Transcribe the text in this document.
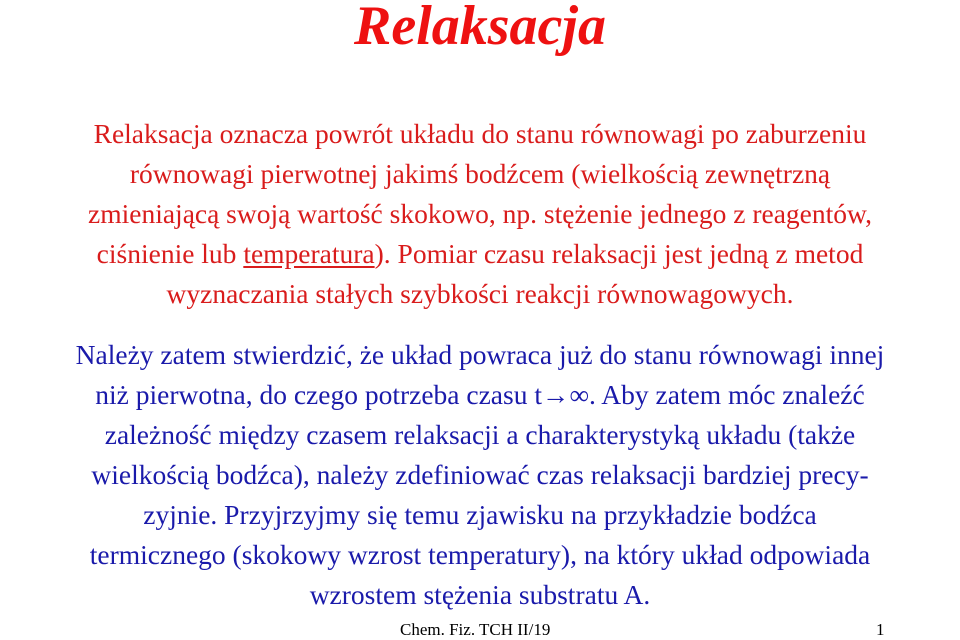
Relaksacja
Relaksacja oznacza powrót układu do stanu równowagi po zaburzeniu
równowagi pierwotnej jakimś bodźcem (wielkością zewnętrzną
zmieniającą swoją wartość skokowo, np. stężenie jednego z reagentów,
ciśnienie lub temperatura). Pomiar czasu relaksacji jest jedną z metod
wyznaczania stałych szybkości reakcji równowagowych.
Należy zatem stwierdzić, że układ powraca już do stanu równowagi innej
niż pierwotna, do czego potrzeba czasu t→∞. Aby zatem móc znaleźć
zależność między czasem relaksacji a charakterystyką układu (także
wielkością bodźca), należy zdefiniować czas relaksacji bardziej precy-
zyjnie. Przyjrzyjmy się temu zjawisku na przykładzie bodźca
termicznego (skokowy wzrost temperatury), na który układ odpowiada
wzrostem stężenia substratu A.
Chem. Fiz. TCH II/19	1
